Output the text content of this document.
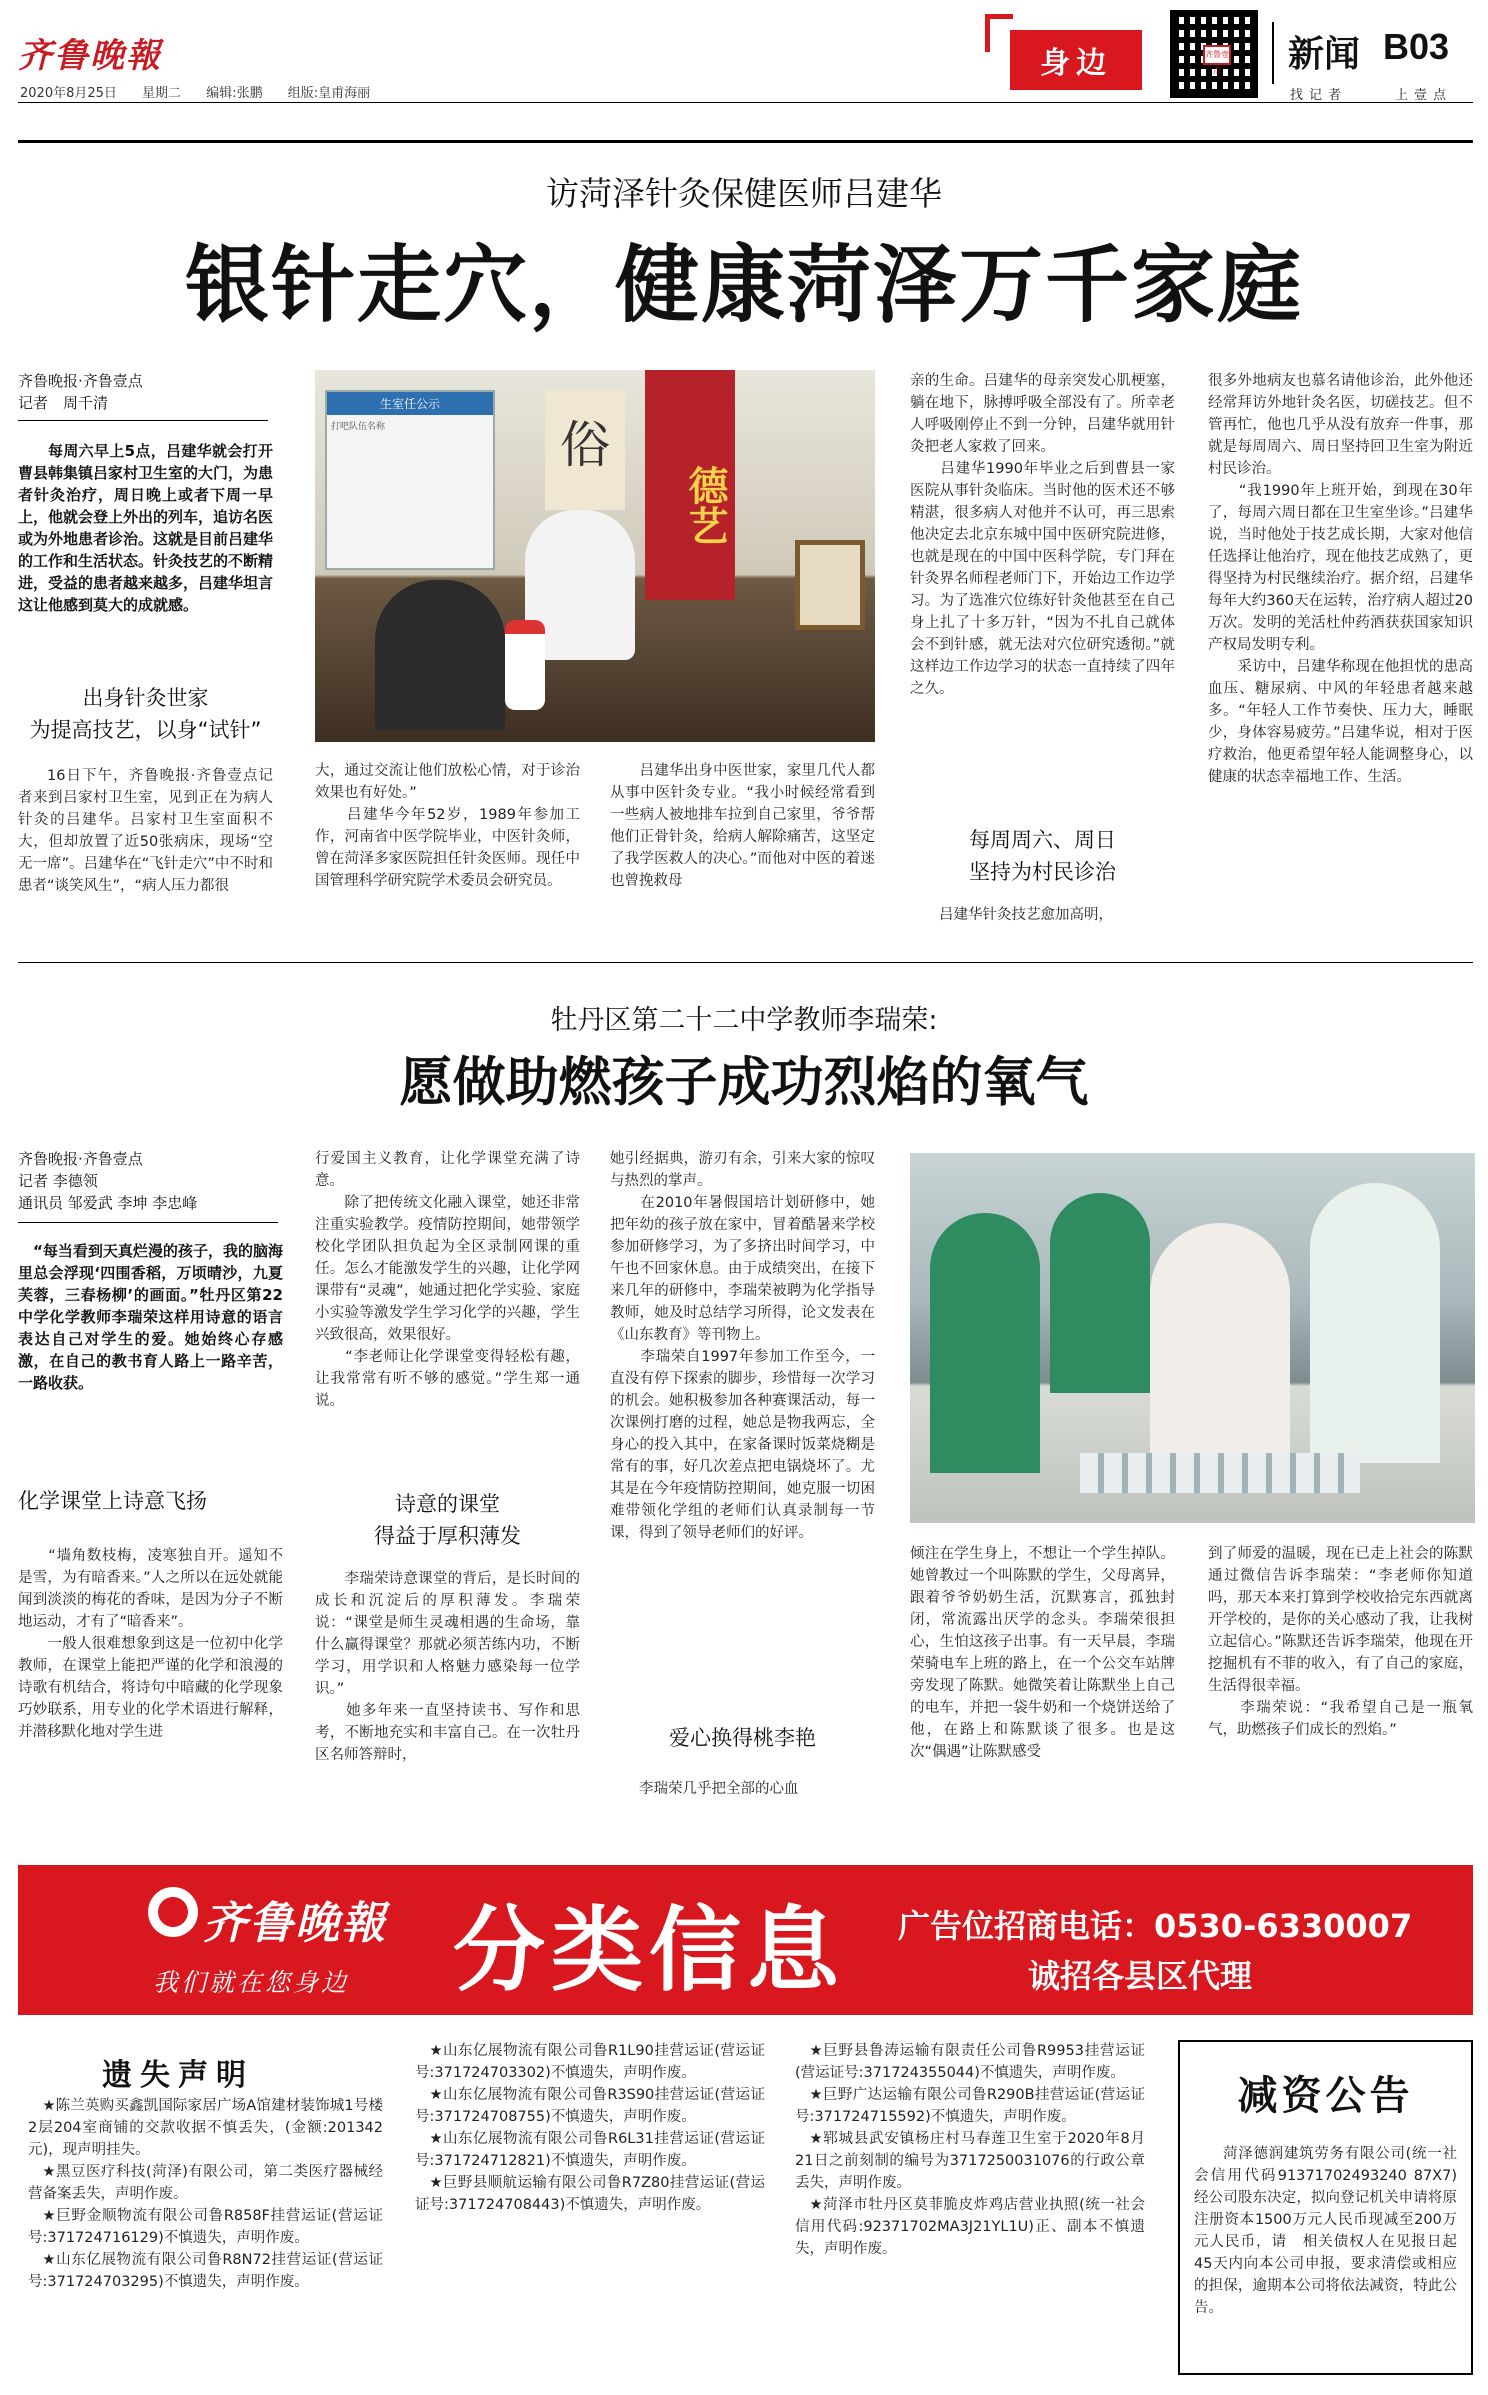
齐鲁晚報
2020年8月25日　 星期二　 编辑:张鹏　 组版:皇甫海丽
身边	齐鲁壹点 新闻 B03
找记者	上壹点
访菏泽针灸保健医师吕建华
银针走穴，健康菏泽万千家庭
齐鲁晚报·齐鲁壹点
记者　周千清
每周六早上5点，吕建华就会打开曹县韩集镇吕家村卫生室的大门，为患者针灸治疗，周日晚上或者下周一早上，他就会登上外出的列车，追访名医或为外地患者诊治。这就是目前吕建华的工作和生活状态。针灸技艺的不断精进，受益的患者越来越多，吕建华坦言这让他感到莫大的成就感。
出身针灸世家
为提高技艺，以身“试针”
16日下午，齐鲁晚报·齐鲁壹点记者来到吕家村卫生室，见到正在为病人针灸的吕建华。吕家村卫生室面积不大，但却放置了近50张病床，现场“空无一席”。吕建华在“飞针走穴”中不时和患者“谈笑风生”，“病人压力都很
生室任公示
打吧队伍名称
德艺
俗
大，通过交流让他们放松心情，对于诊治效果也有好处。”
　　吕建华今年52岁，1989年参加工作，河南省中医学院毕业，中医针灸师，曾在菏泽多家医院担任针灸医师。现任中国管理科学研究院学术委员会研究员。
　　吕建华出身中医世家，家里几代人都从事中医针灸专业。“我小时候经常看到一些病人被地排车拉到自己家里，爷爷帮他们正骨针灸，给病人解除痛苦，这坚定了我学医救人的决心。”而他对中医的着迷也曾挽救母
亲的生命。吕建华的母亲突发心肌梗塞，躺在地下，脉搏呼吸全部没有了。所幸老人呼吸刚停止不到一分钟，吕建华就用针灸把老人家救了回来。
　　吕建华1990年毕业之后到曹县一家医院从事针灸临床。当时他的医术还不够精湛，很多病人对他并不认可，再三思索他决定去北京东城中国中医研究院进修，也就是现在的中国中医科学院，专门拜在针灸界名师程老师门下，开始边工作边学习。为了选准穴位练好针灸他甚至在自己身上扎了十多万针，“因为不扎自己就体会不到针感，就无法对穴位研究透彻。”就这样边工作边学习的状态一直持续了四年之久。
每周周六、周日
坚持为村民诊治
　　吕建华针灸技艺愈加高明，
很多外地病友也慕名请他诊治，此外他还经常拜访外地针灸名医，切磋技艺。但不管再忙，他也几乎从没有放弃一件事，那就是每周周六、周日坚持回卫生室为附近村民诊治。
　　“我1990年上班开始，到现在30年了，每周六周日都在卫生室坐诊。”吕建华说，当时他处于技艺成长期，大家对他信任选择让他治疗，现在他技艺成熟了，更得坚持为村民继续治疗。据介绍，吕建华每年大约360天在运转，治疗病人超过20万次。发明的羌活杜仲药酒获获国家知识产权局发明专利。
　　采访中，吕建华称现在他担忧的患高血压、糖尿病、中风的年轻患者越来越多。“年轻人工作节奏快、压力大，睡眠少，身体容易疲劳。”吕建华说，相对于医疗救治，他更希望年轻人能调整身心，以健康的状态幸福地工作、生活。
牡丹区第二十二中学教师李瑞荣:
愿做助燃孩子成功烈焰的氧气
齐鲁晚报·齐鲁壹点
记者 李德领
通讯员 邹爱武 李坤 李忠峰
“每当看到天真烂漫的孩子，我的脑海里总会浮现‘四围香稻，万顷晴沙，九夏芙蓉，三春杨柳’的画面。”牡丹区第22中学化学教师李瑞荣这样用诗意的语言表达自己对学生的爱。她始终心存感激，在自己的教书育人路上一路辛苦，一路收获。
化学课堂上诗意飞扬
　　“墙角数枝梅，凌寒独自开。遥知不是雪，为有暗香来。”人之所以在远处就能闻到淡淡的梅花的香味，是因为分子不断地运动，才有了“暗香来”。
　　一般人很难想象到这是一位初中化学教师，在课堂上能把严谨的化学和浪漫的诗歌有机结合，将诗句中暗藏的化学现象巧妙联系，用专业的化学术语进行解释，并潜移默化地对学生进
行爱国主义教育，让化学课堂充满了诗意。
　　除了把传统文化融入课堂，她还非常注重实验教学。疫情防控期间，她带领学校化学团队担负起为全区录制网课的重任。怎么才能激发学生的兴趣，让化学网课带有“灵魂”，她通过把化学实验、家庭小实验等激发学生学习化学的兴趣，学生兴致很高，效果很好。
　　“李老师让化学课堂变得轻松有趣，让我常常有听不够的感觉。”学生郑一通说。
诗意的课堂
得益于厚积薄发
　　李瑞荣诗意课堂的背后，是长时间的成长和沉淀后的厚积薄发。李瑞荣说：“课堂是师生灵魂相遇的生命场，靠什么赢得课堂？那就必须苦练内功，不断学习，用学识和人格魅力感染每一位学识。”
　　她多年来一直坚持读书、写作和思考，不断地充实和丰富自己。在一次牡丹区名师答辩时，
她引经据典，游刃有余，引来大家的惊叹与热烈的掌声。
　　在2010年暑假国培计划研修中，她把年幼的孩子放在家中，冒着酷暑来学校参加研修学习，为了多挤出时间学习，中午也不回家休息。由于成绩突出，在接下来几年的研修中，李瑞荣被聘为化学指导教师，她及时总结学习所得，论文发表在《山东教育》等刊物上。
　　李瑞荣自1997年参加工作至今，一直没有停下探索的脚步，珍惜每一次学习的机会。她积极参加各种赛课活动，每一次课例打磨的过程，她总是物我两忘，全身心的投入其中，在家备课时饭菜烧糊是常有的事，好几次差点把电锅烧坏了。尤其是在今年疫情防控期间，她克服一切困难带领化学组的老师们认真录制每一节课，得到了领导老师们的好评。
爱心换得桃李艳
　　李瑞荣几乎把全部的心血
倾注在学生身上，不想让一个学生掉队。她曾教过一个叫陈默的学生，父母离异，跟着爷爷奶奶生活，沉默寡言，孤独封闭，常流露出厌学的念头。李瑞荣很担心，生怕这孩子出事。有一天早晨，李瑞荣骑电车上班的路上，在一个公交车站牌旁发现了陈默。她微笑着让陈默坐上自己的电车，并把一袋牛奶和一个烧饼送给了他，在路上和陈默谈了很多。也是这次“偶遇”让陈默感受
到了师爱的温暖，现在已走上社会的陈默通过微信告诉李瑞荣：“李老师你知道吗，那天本来打算到学校收拾完东西就离开学校的，是你的关心感动了我，让我树立起信心。”陈默还告诉李瑞荣，他现在开挖掘机有不菲的收入，有了自己的家庭，生活得很幸福。
　　李瑞荣说：“我希望自己是一瓶氧气，助燃孩子们成长的烈焰。”
齐鲁晚報
我们就在您身边 分类信息 广告位招商电话：0530-6330007
诚招各县区代理
遗失声明

★陈兰英购买鑫凯国际家居广场A馆建材装饰城1号楼2层204室商铺的交款收据不慎丢失，(金额:201342元)，现声明挂失。

★黑豆医疗科技(菏泽)有限公司，第二类医疗器械经营备案丢失，声明作废。

★巨野金顺物流有限公司鲁R858F挂营运证(营运证号:371724716129)不慎遗失，声明作废。

★山东亿展物流有限公司鲁R8N72挂营运证(营运证号:371724703295)不慎遗失，声明作废。

★山东亿展物流有限公司鲁R1L90挂营运证(营运证号:371724703302)不慎遗失，声明作废。

★山东亿展物流有限公司鲁R3S90挂营运证(营运证号:371724708755)不慎遗失，声明作废。

★山东亿展物流有限公司鲁R6L31挂营运证(营运证号:371724712821)不慎遗失，声明作废。

★巨野县顺航运输有限公司鲁R7Z80挂营运证(营运证号:371724708443)不慎遗失，声明作废。

★巨野县鲁涛运输有限责任公司鲁R9953挂营运证(营运证号:371724355044)不慎遗失，声明作废。

★巨野广达运输有限公司鲁R290B挂营运证(营运证号:371724715592)不慎遗失，声明作废。

★郓城县武安镇杨庄村马春莲卫生室于2020年8月21日之前刻制的编号为3717250031076的行政公章丢失，声明作废。

★菏泽市牡丹区莫菲脆皮炸鸡店营业执照(统一社会信用代码:92371702MA3J21YL1U)正、副本不慎遗失，声明作废。

减资公告
菏泽德润建筑劳务有限公司(统一社会信用代码91371702493240 87X7)经公司股东决定，拟向登记机关申请将原注册资本1500万元人民币现减至200万元人民币，请　相关债权人在见报日起45天内向本公司申报，要求清偿或相应的担保，逾期本公司将依法减资，特此公告。
